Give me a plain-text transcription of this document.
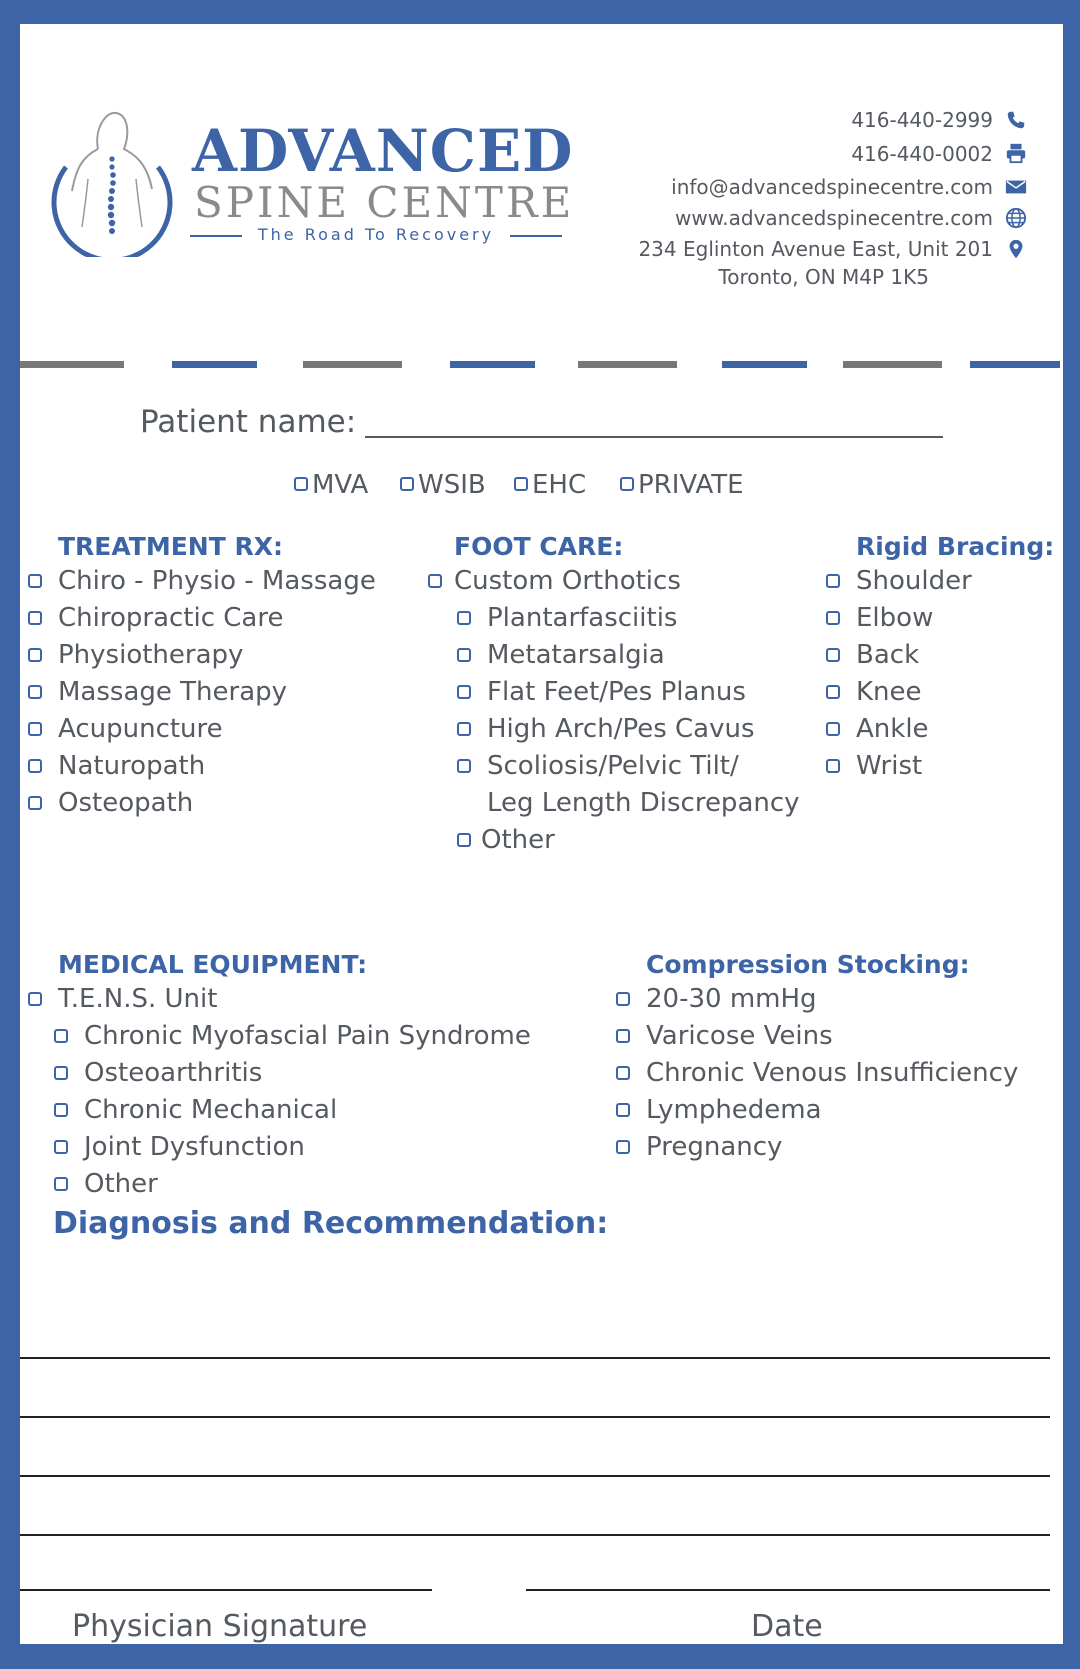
ADVANCED
SPINE CENTRE
The Road To Recovery
416-440-2999
416-440-0002
info@advancedspinecentre.com
www.advancedspinecentre.com
234 Eglinton Avenue East, Unit 201
Toronto, ON M4P 1K5
Patient name:
MVA	WSIB	EHC	PRIVATE
TREATMENT RX:
Chiro - Physio - Massage
Chiropractic Care
Physiotherapy
Massage Therapy
Acupuncture
Naturopath
Osteopath
FOOT CARE:
Custom Orthotics
Plantarfasciitis
Metatarsalgia
Flat Feet/Pes Planus
High Arch/Pes Cavus
Scoliosis/Pelvic Tilt/
Leg Length Discrepancy
Other
Rigid Bracing:
Shoulder
Elbow
Back
Knee
Ankle
Wrist
MEDICAL EQUIPMENT:
T.E.N.S. Unit
Chronic Myofascial Pain Syndrome
Osteoarthritis
Chronic Mechanical
Joint Dysfunction
Other
Compression Stocking:
20-30 mmHg
Varicose Veins
Chronic Venous Insufficiency
Lymphedema
Pregnancy
Diagnosis and Recommendation:
Physician Signature	Date
